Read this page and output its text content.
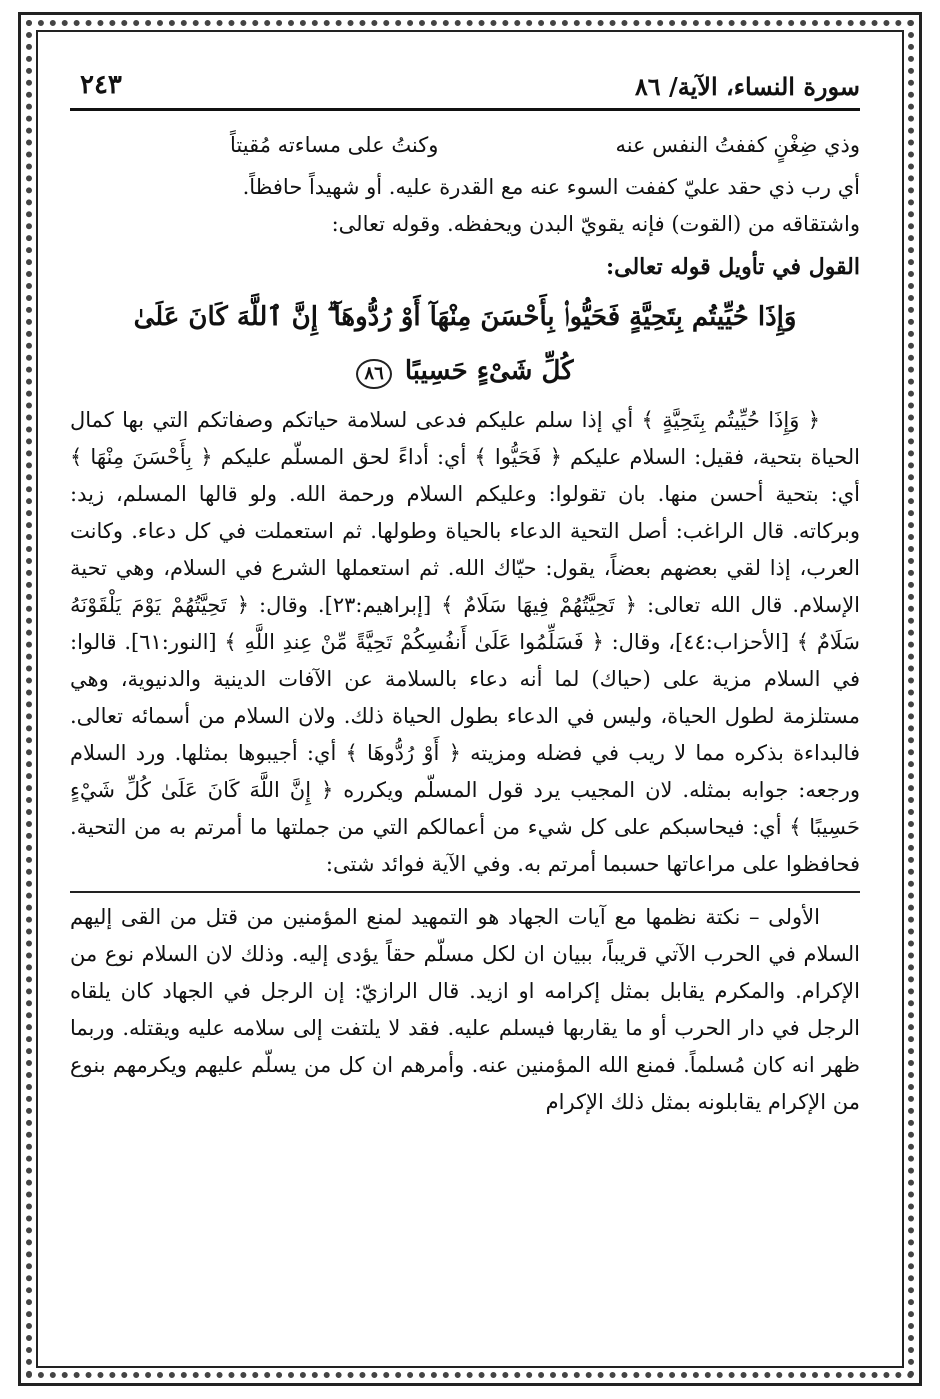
سورة النساء، الآية/ ٨٦
٢٤٣
وذي ضِغْنٍ كففتُ النفس عنه
وكنتُ على مساءته مُقيتاً

أي رب ذي حقد عليّ كففت السوء عنه مع القدرة عليه. أو شهيداً حافظاً.

واشتقاقه من (القوت) فإنه يقويّ البدن ويحفظه. وقوله تعالى:

القول في تأويل قوله تعالى:

وَإِذَا حُيِّيتُم بِتَحِيَّةٍ فَحَيُّوا۟ بِأَحْسَنَ مِنْهَآ أَوْ رُدُّوهَآ ۗ إِنَّ ٱللَّهَ كَانَ عَلَىٰ
كُلِّ شَىْءٍ حَسِيبًا ٨٦

﴿ وَإِذَا حُيِّيتُم بِتَحِيَّةٍ ﴾ أي إذا سلم عليكم فدعى لسلامة حياتكم وصفاتكم التي بها كمال الحياة بتحية، فقيل: السلام عليكم ﴿ فَحَيُّوا ﴾ أي: أداءً لحق المسلّم عليكم ﴿ بِأَحْسَنَ مِنْهَا ﴾ أي: بتحية أحسن منها. بان تقولوا: وعليكم السلام ورحمة الله. ولو قالها المسلم، زيد: وبركاته. قال الراغب: أصل التحية الدعاء بالحياة وطولها. ثم استعملت في كل دعاء. وكانت العرب، إذا لقي بعضهم بعضاً، يقول: حيّاك الله. ثم استعملها الشرع في السلام، وهي تحية الإسلام. قال الله تعالى: ﴿ تَحِيَّتُهُمْ فِيهَا سَلَامٌ ﴾ [إبراهيم:٢٣]. وقال: ﴿ تَحِيَّتُهُمْ يَوْمَ يَلْقَوْنَهُ سَلَامٌ ﴾ [الأحزاب:٤٤]، وقال: ﴿ فَسَلِّمُوا عَلَىٰ أَنفُسِكُمْ تَحِيَّةً مِّنْ عِندِ اللَّهِ ﴾ [النور:٦١]. قالوا: في السلام مزية على (حياك) لما أنه دعاء بالسلامة عن الآفات الدينية والدنيوية، وهي مستلزمة لطول الحياة، وليس في الدعاء بطول الحياة ذلك. ولان السلام من أسمائه تعالى. فالبداءة بذكره مما لا ريب في فضله ومزيته ﴿ أَوْ رُدُّوهَا ﴾ أي: أجيبوها بمثلها. ورد السلام ورجعه: جوابه بمثله. لان المجيب يرد قول المسلّم ويكرره ﴿ إِنَّ اللَّهَ كَانَ عَلَىٰ كُلِّ شَيْءٍ حَسِيبًا ﴾ أي: فيحاسبكم على كل شيء من أعمالكم التي من جملتها ما أمرتم به من التحية. فحافظوا على مراعاتها حسبما أمرتم به. وفي الآية فوائد شتى:

الأولى – نكتة نظمها مع آيات الجهاد هو التمهيد لمنع المؤمنين من قتل من القى إليهم السلام في الحرب الآتي قريباً، ببيان ان لكل مسلّم حقاً يؤدى إليه. وذلك لان السلام نوع من الإكرام. والمكرم يقابل بمثل إكرامه او ازيد. قال الرازيّ: إن الرجل في الجهاد كان يلقاه الرجل في دار الحرب أو ما يقاربها فيسلم عليه. فقد لا يلتفت إلى سلامه عليه ويقتله. وربما ظهر انه كان مُسلماً. فمنع الله المؤمنين عنه. وأمرهم ان كل من يسلّم عليهم ويكرمهم بنوع من الإكرام يقابلونه بمثل ذلك الإكرام
